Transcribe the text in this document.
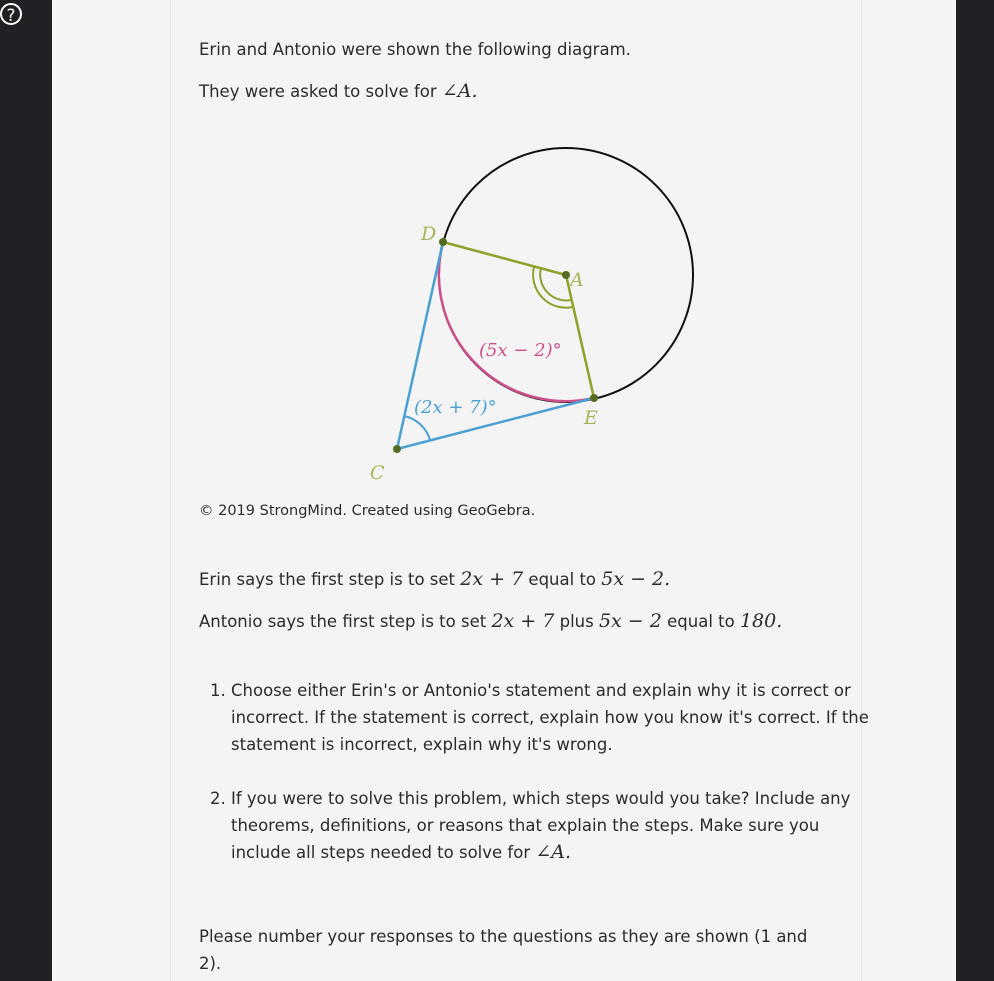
?

Erin and Antonio were shown the following diagram.

They were asked to solve for ∠A.

D
A
E
C
(5x − 2)°
(2x + 7)°

© 2019 StrongMind. Created using GeoGebra.

Erin says the first step is to set 2x + 7 equal to 5x − 2.

Antonio says the first step is to set 2x + 7 plus 5x − 2 equal to 180.

1. Choose either Erin's or Antonio's statement and explain why it is correct or incorrect. If the statement is correct, explain how you know it's correct. If the statement is incorrect, explain why it's wrong.
2. If you were to solve this problem, which steps would you take? Include any theorems, definitions, or reasons that explain the steps. Make sure you include all steps needed to solve for ∠A.

Please number your responses to the questions as they are shown (1 and 2).
